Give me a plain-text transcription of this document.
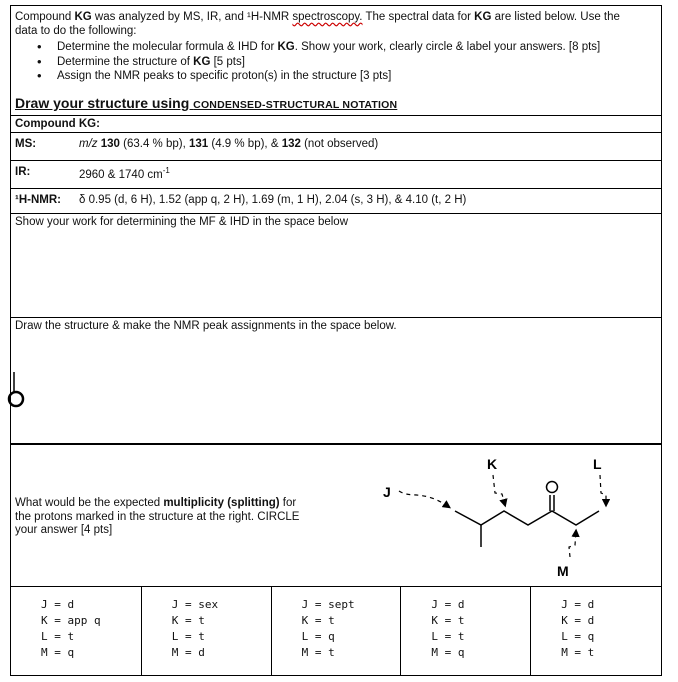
Compound KG was analyzed by MS, IR, and ¹H-NMR spectroscopy. The spectral data for KG are listed below. Use the
data to do the following:
• Determine the molecular formula & IHD for KG. Show your work, clearly circle & label your answers. [8 pts]
• Determine the structure of KG [5 pts]
• Assign the NMR peaks to specific proton(s) in the structure [3 pts]
Draw your structure using CONDENSED-STRUCTURAL NOTATION
Compound KG:
MS:	m/z 130 (63.4 % bp), 131 (4.9 % bp), & 132 (not observed)
IR:	2960 & 1740 $cm^{-1}$
¹H-NMR: δ 0.95 (d, 6 H), 1.52 (app q, 2 H), 1.69 (m, 1 H), 2.04 (s, 3 H), & 4.10 (t, 2 H)
Show your work for determining the MF & IHD in the space below
Draw the structure & make the NMR peak assignments in the space below.
What would be the expected multiplicity (splitting) for
the protons marked in the structure at the right. CIRCLE
your answer [4 pts]
J
K	L
M
J = d
K = app q
L = t
M = q
J = sex
K = t
L = t
M = d
J = sept
K = t
L = q
M = t
J = d
K = t
L = t
M = q
J = d
K = d
L = q
M = t
